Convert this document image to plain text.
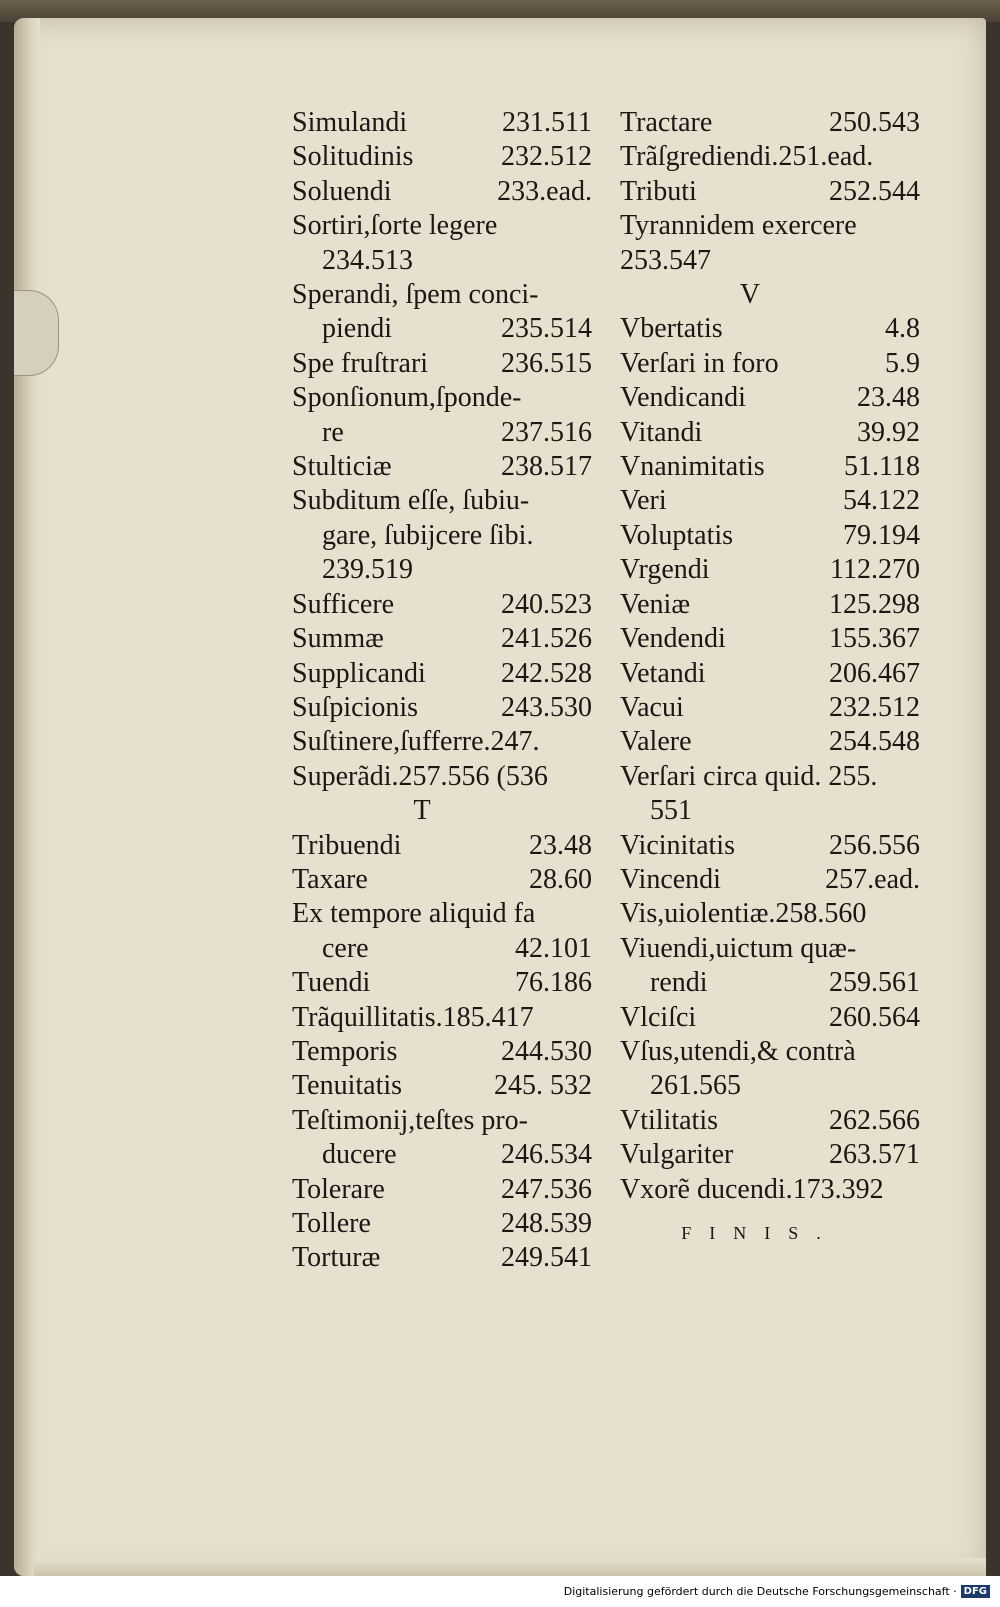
Simulandi	231.511
Solitudinis	232.512
Soluendi	233.ead.
Sortiri,ſorte legere
234.513
Sperandi, ſpem conci-
piendi	235.514
Spe fruſtrari	236.515
Sponſionum,ſponde-
re	237.516
Stulticiæ	238.517
Subditum eſſe, ſubiu-
gare, ſubijcere ſibi.
239.519
Sufficere	240.523
Summæ	241.526
Supplicandi	242.528
Suſpicionis	243.530
Suſtinere,ſufferre.247.
Superãdi.257.556 (536
T
Tribuendi	23.48
Taxare	28.60
Ex tempore aliquid fa
cere	42.101
Tuendi	76.186
Trãquillitatis.185.417
Temporis	244.530
Tenuitatis	245. 532
Teſtimonij,teſtes pro-
ducere	246.534
Tolerare	247.536
Tollere	248.539
Torturæ	249.541
Tractare	250.543
Trãſgrediendi.251.ead.
Tributi	252.544
Tyrannidem exercere
253.547
V
Vbertatis	4.8
Verſari in foro	5.9
Vendicandi	23.48
Vitandi	39.92
Vnanimitatis	51.118
Veri	54.122
Voluptatis	79.194
Vrgendi	112.270
Veniæ	125.298
Vendendi	155.367
Vetandi	206.467
Vacui	232.512
Valere	254.548
Verſari circa quid. 255.
551
Vicinitatis	256.556
Vincendi	257.ead.
Vis,uiolentiæ.258.560
Viuendi,uictum quæ-
rendi	259.561
Vlciſci	260.564
Vſus,utendi,& contrà
261.565
Vtilitatis	262.566
Vulgariter	263.571
Vxorẽ ducendi.173.392
FINIS.
Digitalisierung gefördert durch die Deutsche Forschungsgemeinschaft · DFG
